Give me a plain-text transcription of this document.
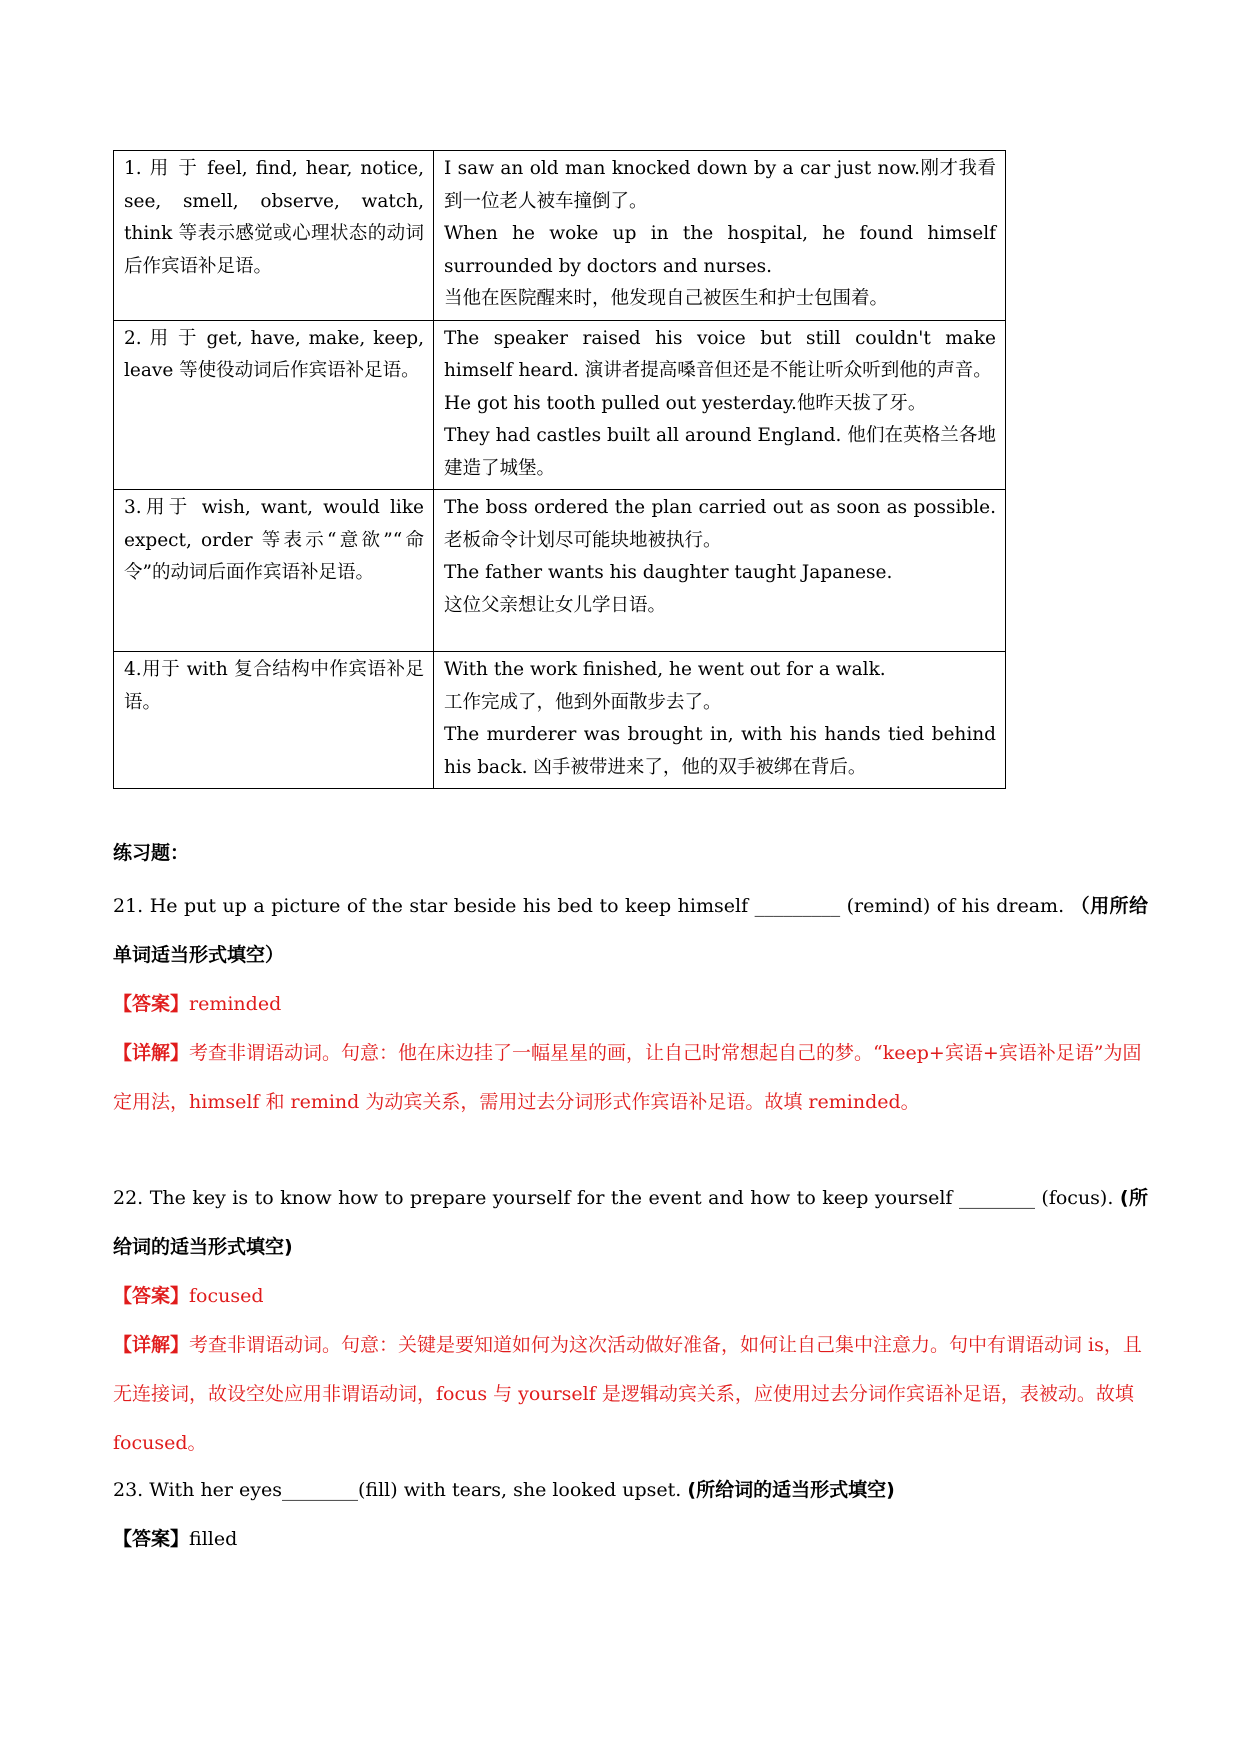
1. 用 于 feel, find, hear, notice, see, smell, observe, watch, think 等表示感觉或心理状态的动词后作宾语补足语。	I saw an old man knocked down by a car just now.刚才我看到一位老人被车撞倒了。
When he woke up in the hospital, he found himself surrounded by doctors and nurses.
当他在医院醒来时，他发现自己被医生和护士包围着。

2. 用 于 get, have, make, keep, leave 等使役动词后作宾语补足语。	The speaker raised his voice but still couldn't make himself heard. 演讲者提高嗓音但还是不能让听众听到他的声音。
He got his tooth pulled out yesterday.他昨天拔了牙。
They had castles built all around England. 他们在英格兰各地建造了城堡。

3.用于 wish, want, would like expect, order 等表示“意欲”“命令”的动词后面作宾语补足语。	The boss ordered the plan carried out as soon as possible. 老板命令计划尽可能块地被执行。
The father wants his daughter taught Japanese.
这位父亲想让女儿学日语。

4.用于 with 复合结构中作宾语补足语。	With the work finished, he went out for a walk.
工作完成了，他到外面散步去了。
The murderer was brought in, with his hands tied behind his back. 凶手被带进来了，他的双手被绑在背后。
练习题：
21. He put up a picture of the star beside his bed to keep himself _________ (remind) of his dream. （用所给单词适当形式填空）
【答案】reminded
【详解】考查非谓语动词。句意：他在床边挂了一幅星星的画，让自己时常想起自己的梦。“keep+宾语+宾语补足语”为固定用法，himself 和 remind 为动宾关系，需用过去分词形式作宾语补足语。故填 reminded。
22. The key is to know how to prepare yourself for the event and how to keep yourself ________ (focus). (所给词的适当形式填空)
【答案】focused
【详解】考查非谓语动词。句意：关键是要知道如何为这次活动做好准备，如何让自己集中注意力。句中有谓语动词 is，且无连接词，故设空处应用非谓语动词，focus 与 yourself 是逻辑动宾关系，应使用过去分词作宾语补足语，表被动。故填 focused。
23. With her eyes________(fill) with tears, she looked upset. (所给词的适当形式填空)
【答案】filled
